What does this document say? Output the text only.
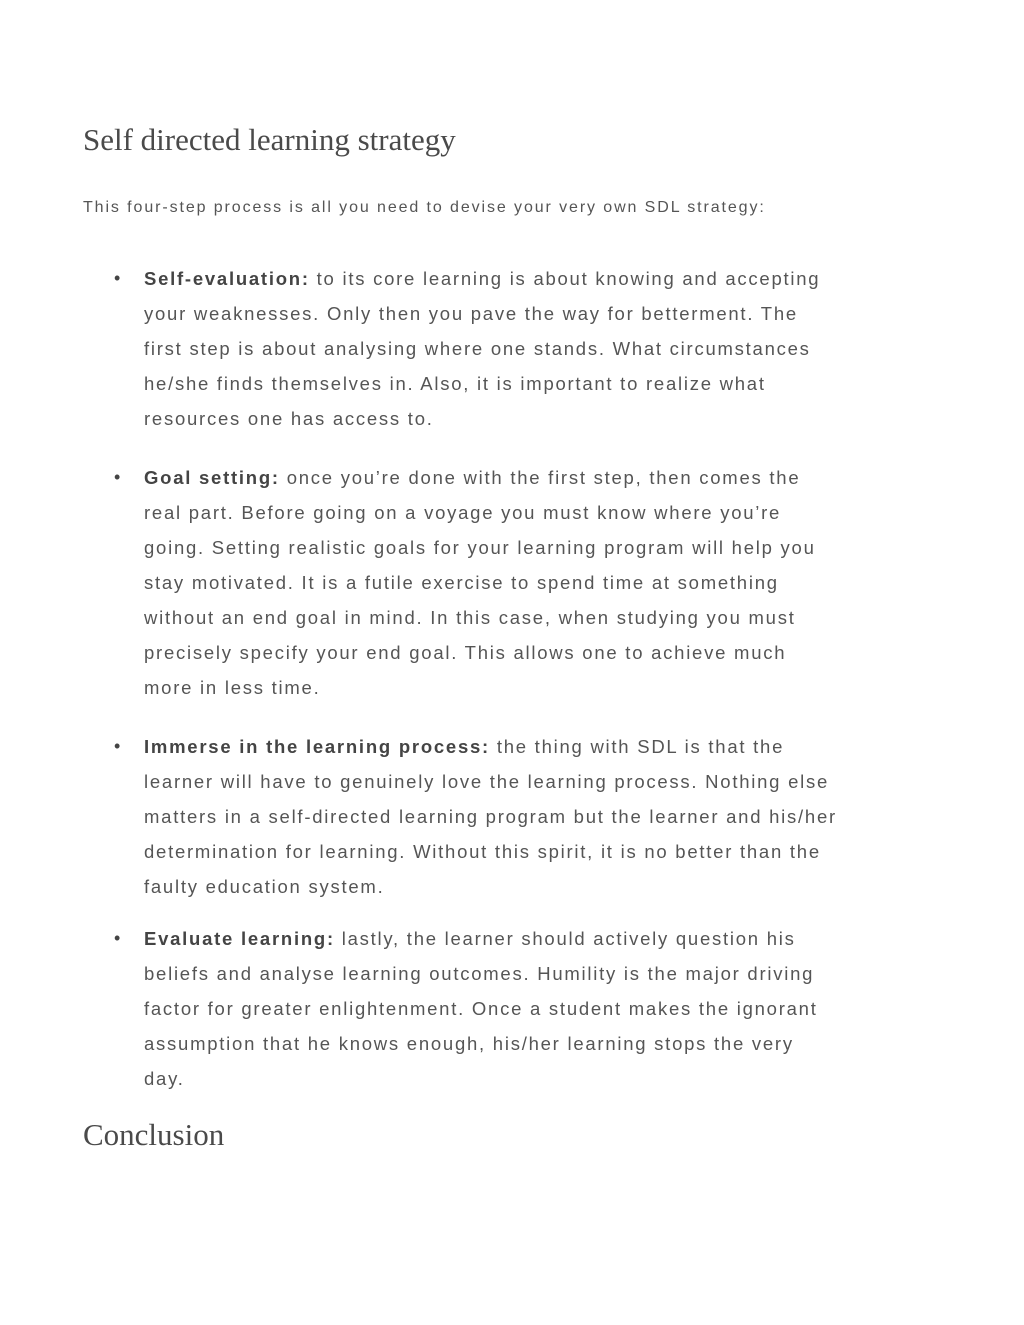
Self directed learning strategy

This four-step process is all you need to devise your very own SDL strategy:

• Self-evaluation: to its core learning is about knowing and accepting
your weaknesses. Only then you pave the way for betterment. The
first step is about analysing where one stands. What circumstances
he/she finds themselves in. Also, it is important to realize what
resources one has access to.
• Goal setting: once you’re done with the first step, then comes the
real part. Before going on a voyage you must know where you’re
going. Setting realistic goals for your learning program will help you
stay motivated. It is a futile exercise to spend time at something
without an end goal in mind. In this case, when studying you must
precisely specify your end goal. This allows one to achieve much
more in less time.
• Immerse in the learning process: the thing with SDL is that the
learner will have to genuinely love the learning process. Nothing else
matters in a self-directed learning program but the learner and his/her
determination for learning. Without this spirit, it is no better than the
faulty education system.
• Evaluate learning: lastly, the learner should actively question his
beliefs and analyse learning outcomes. Humility is the major driving
factor for greater enlightenment. Once a student makes the ignorant
assumption that he knows enough, his/her learning stops the very
day.
Conclusion
